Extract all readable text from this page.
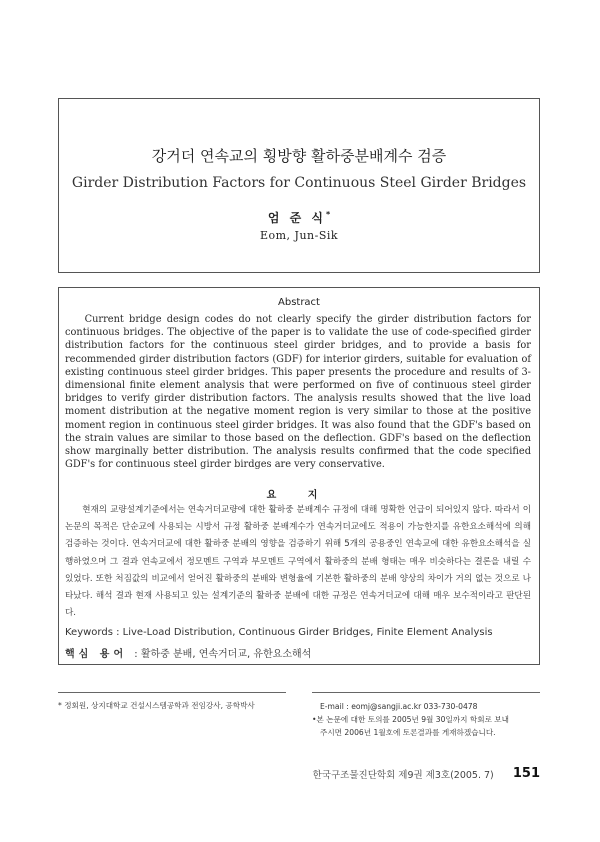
강거더 연속교의 횡방향 활하중분배계수 검증
Girder Distribution Factors for Continuous Steel Girder Bridges
엄 준 식*
Eom, Jun-Sik
Abstract
Current bridge design codes do not clearly specify the girder distribution factors for continuous bridges. The objective of the paper is to validate the use of code-specified girder distribution factors for the continuous steel girder bridges, and to provide a basis for recommended girder distribution factors (GDF) for interior girders, suitable for evaluation of existing continuous steel girder bridges. This paper presents the procedure and results of 3-dimensional finite element analysis that were performed on five of continuous steel girder bridges to verify girder distribution factors. The analysis results showed that the live load moment distribution at the negative moment region is very similar to those at the positive moment region in continuous steel girder bridges. It was also found that the GDF's based on the strain values are similar to those based on the deflection. GDF's based on the deflection show marginally better distribution. The analysis results confirmed that the code specified GDF's for continuous steel girder birdges are very conservative.
요 지
현재의 교량설계기준에서는 연속거더교량에 대한 활하중 분배계수 규정에 대해 명확한 언급이 되어있지 않다. 따라서 이 논문의 목적은 단순교에 사용되는 시방서 규정 활하중 분배계수가 연속거더교에도 적용이 가능한지를 유한요소해석에 의해 검증하는 것이다. 연속거더교에 대한 활하중 분배의 영향을 검증하기 위해 5개의 공용중인 연속교에 대한 유한요소해석을 실행하였으며 그 결과 연속교에서 정모멘트 구역과 부모멘트 구역에서 활하중의 분배 형태는 매우 비슷하다는 결론을 내릴 수 있었다. 또한 처짐값의 비교에서 얻어진 활하중의 분배와 변형율에 기본한 활하중의 분배 양상의 차이가 거의 없는 것으로 나타났다. 해석 결과 현재 사용되고 있는 설계기준의 활하중 분배에 대한 규정은 연속거더교에 대해 매우 보수적이라고 판단된다.
Keywords : Live-Load Distribution, Continuous Girder Bridges, Finite Element Analysis
핵심 용어 : 활하중 분배, 연속거더교, 유한요소해석
* 정회원, 상지대학교 건설시스템공학과 전임강사, 공학박사	E-mail : eomj@sangji.ac.kr 033-730-0478
•본 논문에 대한 토의를 2005년 9월 30일까지 학회로 보내
주시면 2006년 1월호에 토론결과를 게재하겠습니다.
한국구조물진단학회 제9권 제3호(2005. 7) 151
